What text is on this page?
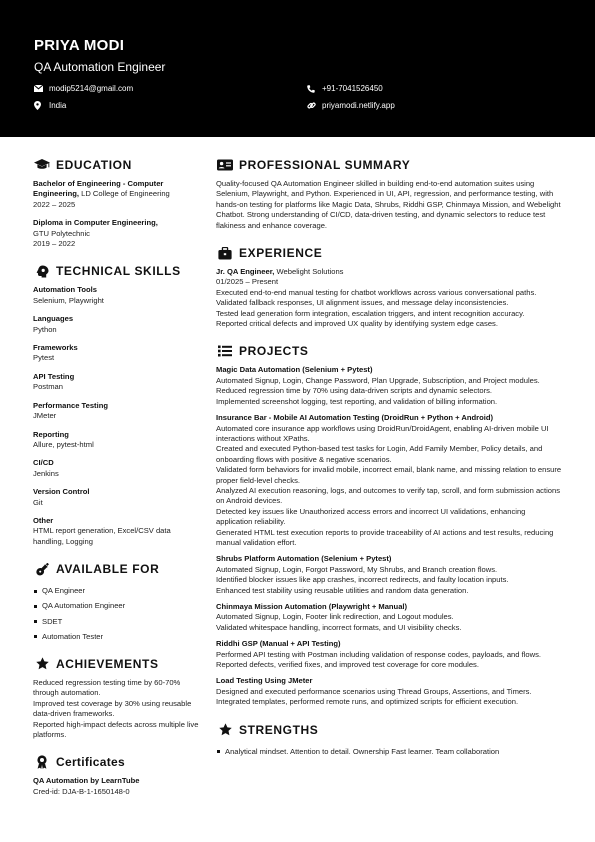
PRIYA MODI
QA Automation Engineer
modip5214@gmail.com
India
+91-7041526450
priyamodi.netlify.app
EDUCATION
Bachelor of Engineering - Computer Engineering, LD College of Engineering
2022 – 2025
Diploma in Computer Engineering,
GTU Polytechnic
2019 – 2022
TECHNICAL SKILLS
Automation Tools
Selenium, Playwright
Languages
Python
Frameworks
Pytest
API Testing
Postman
Performance Testing
JMeter
Reporting
Allure, pytest-html
CI/CD
Jenkins
Version Control
Git
Other
HTML report generation, Excel/CSV data handling, Logging
AVAILABLE FOR
QA Engineer
QA Automation Engineer
SDET
Automation Tester
ACHIEVEMENTS
Reduced regression testing time by 60-70% through automation.
Improved test coverage by 30% using reusable data-driven frameworks.
Reported high-impact defects across multiple live platforms.
Certificates
QA Automation by LearnTube
Cred-id: DJA-B-1-1650148-0
PROFESSIONAL SUMMARY
Quality-focused QA Automation Engineer skilled in building end-to-end automation suites using Selenium, Playwright, and Python. Experienced in UI, API, regression, and performance testing, with hands-on testing for platforms like Magic Data, Shrubs, Riddhi GSP, Chinmaya Mission, and Webelight Chatbot. Strong understanding of CI/CD, data-driven testing, and dynamic selectors to reduce test flakiness and enhance coverage.
EXPERIENCE
Jr. QA Engineer, Webelight Solutions
01/2025 – Present
Executed end-to-end manual testing for chatbot workflows across various conversational paths.
Validated fallback responses, UI alignment issues, and message delay inconsistencies.
Tested lead generation form integration, escalation triggers, and intent recognition accuracy.
Reported critical defects and improved UX quality by identifying system edge cases.
PROJECTS
Magic Data Automation (Selenium + Pytest)
Automated Signup, Login, Change Password, Plan Upgrade, Subscription, and Project modules.
Reduced regression time by 70% using data-driven scripts and dynamic selectors.
Implemented screenshot logging, test reporting, and validation of billing information.
Insurance Bar - Mobile AI Automation Testing (DroidRun + Python + Android)
Automated core insurance app workflows using DroidRun/DroidAgent, enabling AI-driven mobile UI interactions without XPaths.
Created and executed Python-based test tasks for Login, Add Family Member, Policy details, and onboarding flows with positive & negative scenarios.
Validated form behaviors for invalid mobile, incorrect email, blank name, and missing relation to ensure proper field-level checks.
Analyzed AI execution reasoning, logs, and outcomes to verify tap, scroll, and form submission actions on Android devices.
Detected key issues like Unauthorized access errors and incorrect UI validations, enhancing application reliability.
Generated HTML test execution reports to provide traceability of AI actions and test results, reducing manual validation effort.
Shrubs Platform Automation (Selenium + Pytest)
Automated Signup, Login, Forgot Password, My Shrubs, and Branch creation flows.
Identified blocker issues like app crashes, incorrect redirects, and faulty location inputs.
Enhanced test stability using reusable utilities and random data generation.
Chinmaya Mission Automation (Playwright + Manual)
Automated Signup, Login, Footer link redirection, and Logout modules.
Validated whitespace handling, incorrect formats, and UI visibility checks.
Riddhi GSP (Manual + API Testing)
Performed API testing with Postman including validation of response codes, payloads, and flows.
Reported defects, verified fixes, and improved test coverage for core modules.
Load Testing Using JMeter
Designed and executed performance scenarios using Thread Groups, Assertions, and Timers.
Integrated templates, performed remote runs, and optimized scripts for efficient execution.
STRENGTHS
Analytical mindset. Attention to detail. Ownership Fast learner. Team collaboration
